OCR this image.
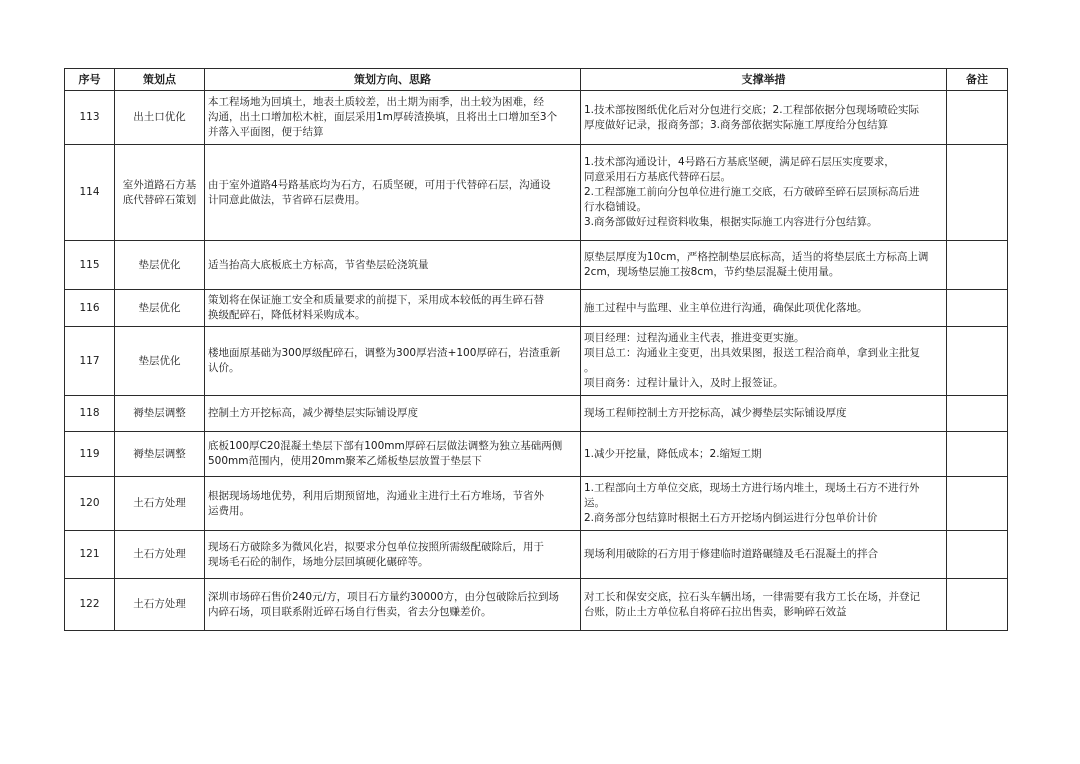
序号	策划点	策划方向、思路	支撑举措	备注
113	出土口优化	本工程场地为回填土，地表土质较差，出土期为雨季，出土较为困难，经
沟通，出土口增加松木桩，面层采用1m厚砖渣换填，且将出土口增加至3个
并落入平面图，便于结算	1.技术部按图纸优化后对分包进行交底；2.工程部依据分包现场喷砼实际
厚度做好记录，报商务部；3.商务部依据实际施工厚度给分包结算	

114	室外道路石方基
底代替碎石策划	由于室外道路4号路基底均为石方，石质坚硬，可用于代替碎石层，沟通设
计同意此做法，节省碎石层费用。	1.技术部沟通设计，4号路石方基底坚硬，满足碎石层压实度要求，
同意采用石方基底代替碎石层。
2.工程部施工前向分包单位进行施工交底，石方破碎至碎石层顶标高后进
行水稳铺设。
3.商务部做好过程资料收集，根据实际施工内容进行分包结算。	

115	垫层优化	适当抬高大底板底土方标高，节省垫层砼浇筑量	原垫层厚度为10cm，严格控制垫层底标高，适当的将垫层底土方标高上调
2cm，现场垫层施工按8cm，节约垫层混凝土使用量。	

116	垫层优化	策划将在保证施工安全和质量要求的前提下，采用成本较低的再生碎石替
换级配碎石，降低材料采购成本。	施工过程中与监理、业主单位进行沟通，确保此项优化落地。	

117	垫层优化	楼地面原基础为300厚级配碎石，调整为300厚岩渣+100厚碎石，岩渣重新
认价。	项目经理：过程沟通业主代表，推进变更实施。
项目总工：沟通业主变更，出具效果图，报送工程洽商单，拿到业主批复
。
项目商务：过程计量计入，及时上报签证。	

118	褥垫层调整	控制土方开挖标高，减少褥垫层实际铺设厚度	现场工程师控制土方开挖标高，减少褥垫层实际铺设厚度	

119	褥垫层调整	底板100厚C20混凝土垫层下部有100mm厚碎石层做法调整为独立基础两侧
500mm范围内，使用20mm聚苯乙烯板垫层放置于垫层下	1.减少开挖量，降低成本；2.缩短工期	

120	土石方处理	根据现场场地优势，利用后期预留地，沟通业主进行土石方堆场，节省外
运费用。	1.工程部向土方单位交底，现场土方进行场内堆土，现场土石方不进行外
运。
2.商务部分包结算时根据土石方开挖场内倒运进行分包单价计价	

121	土石方处理	现场石方破除多为微风化岩，拟要求分包单位按照所需级配破除后，用于
现场毛石砼的制作，场地分层回填硬化碾碎等。	现场利用破除的石方用于修建临时道路碾缝及毛石混凝土的拌合	

122	土石方处理	深圳市场碎石售价240元/方，项目石方量约30000方，由分包破除后拉到场
内碎石场，项目联系附近碎石场自行售卖，省去分包赚差价。	对工长和保安交底，拉石头车辆出场，一律需要有我方工长在场，并登记
台账，防止土方单位私自将碎石拉出售卖，影响碎石效益	
